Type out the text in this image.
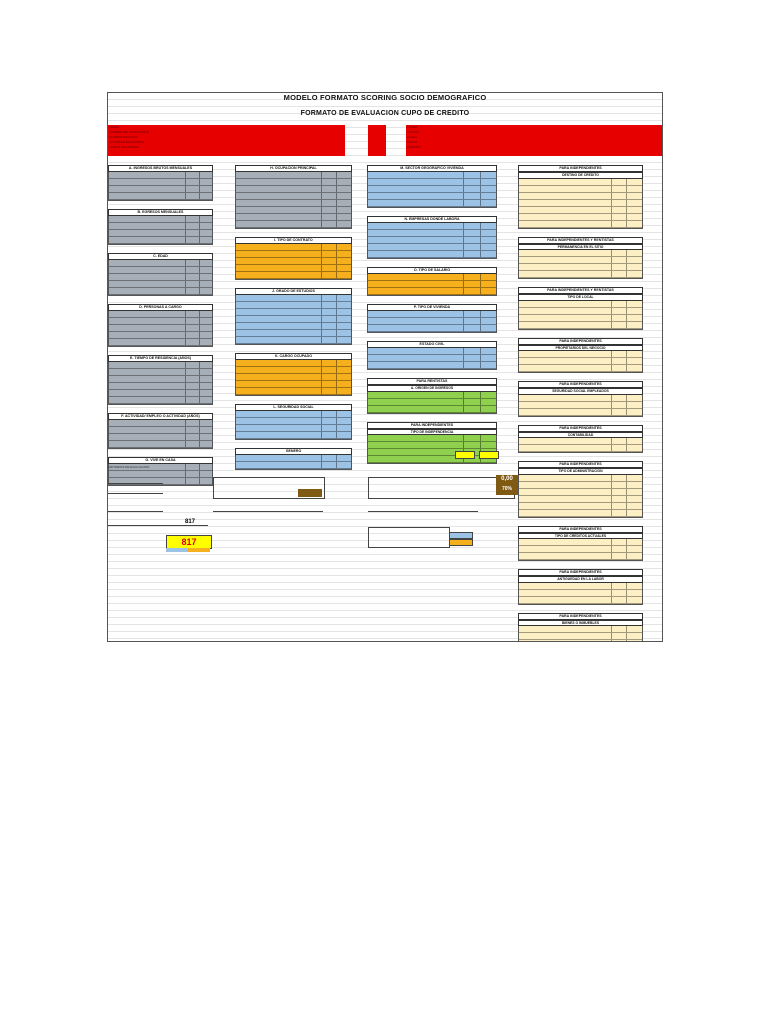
MODELO FORMATO SCORING SOCIO DEMOGRAFICO
FORMATO DE EVALUACION CUPO DE CREDITO
FECHA
NOMBRE DEL SOLICITANTE
No IDENTIFICACION
ACTIVIDAD ECONOMICA
MONTO SOLICITADO
FECHA
CODIGO
PLAZO
CUOTA
DESTINO
A. INGRESOS BRUTOS MENSUALES
B. EGRESOS MENSUALES
C. EDAD
D. PERSONAS A CARGO
E. TIEMPO DE RESIDENCIA (AÑOS)
F. ACTIVIDAD/ EMPLEO O ACTIVIDAD (AÑOS)
G. VIVE EN CASA
H. OCUPACION PRINCIPAL
I. TIPO DE CONTRATO
J. GRADO DE ESTUDIOS
K. CARGO OCUPADO
L. SEGURIDAD SOCIAL
GENERO
M. SECTOR GEOGRAFICO VIVIENDA
N. EMPRESAS DONDE LABORA
O. TIPO DE SALARIO
P. TIPO DE VIVIENDA
ESTADO CIVIL
PARA RENTISTAS
A. ORIGEN DE INGRESOS
PARA INDEPENDIENTES
TIPO DE INDEPENDENCIA
PARA INDEPENDIENTES
DESTINO DE CREDITO
PARA INDEPENDIENTES Y RENTISTAS
PERMANENCIA EN EL SITIO
PARA INDEPENDIENTES Y RENTISTAS
TIPO DE LOCAL
PARA INDEPENDIENTES
PROPIETARIOS DEL NEGOCIO
PARA INDEPENDIENTES
SEGURIDAD SOCIAL EMPLEADOS
PARA INDEPENDIENTES
CONTABILIDAD
PARA INDEPENDIENTES
TIPO DE ADMINISTRACION
PARA INDEPENDIENTES
TIPO DE CREDITOS ACTUALES
PARA INDEPENDIENTES
ANTIGUEDAD EN LA LABOR
PARA INDEPENDIENTES
BIENES O INMUEBLES
CRITERIOS DE EVALUACION
0,00
70%
817
817
